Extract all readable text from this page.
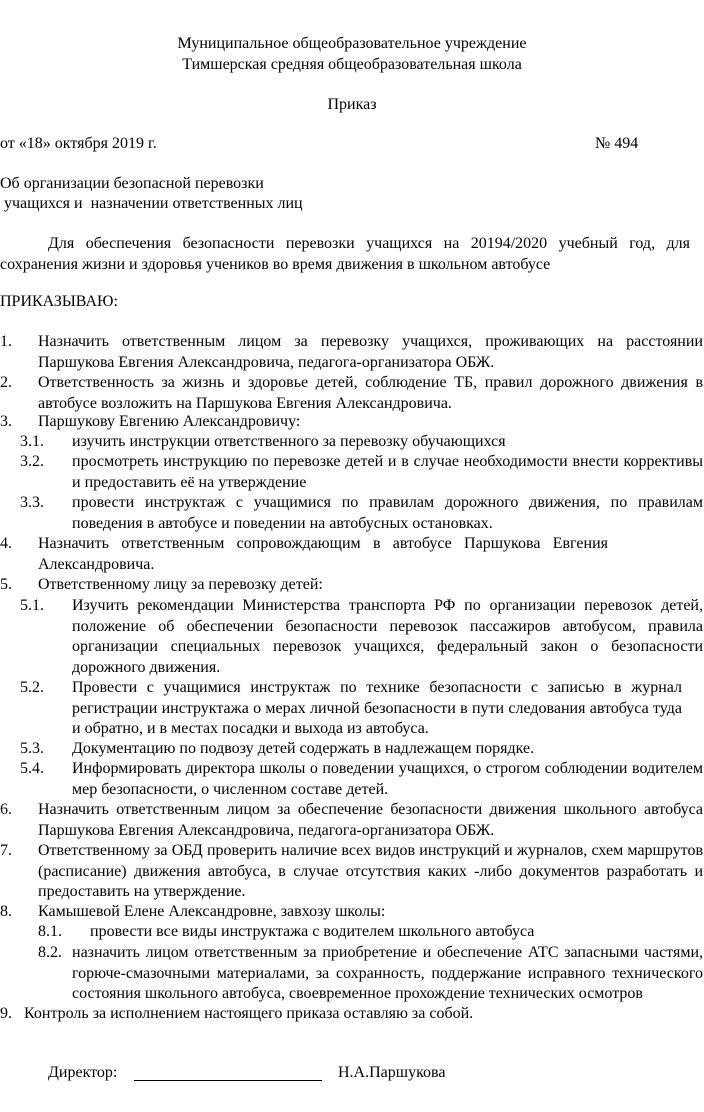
Муниципальное общеобразовательное учреждение
Тимшерская средняя общеобразовательная школа
Приказ
от «18» октября 2019 г.	№ 494
Об организации безопасной перевозки
учащихся и  назначении ответственных лиц
Для обеспечения безопасности перевозки учащихся на 20194/2020 учебный год, для сохранения жизни и здоровья учеников во время движения в школьном автобусе
ПРИКАЗЫВАЮ:
1. Назначить ответственным лицом за перевозку учащихся, проживающих на расстоянии Паршукова Евгения Александровича, педагога-организатора ОБЖ.
2. Ответственность за жизнь и здоровье детей, соблюдение ТБ, правил дорожного движения в автобусе возложить на Паршукова Евгения Александровича.
3. Паршукову Евгению Александровичу:
3.1. изучить инструкции ответственного за перевозку обучающихся
3.2. просмотреть инструкцию по перевозке детей и в случае необходимости внести коррективы и предоставить её на утверждение
3.3. провести инструктаж с учащимися по правилам дорожного движения, по правилам поведения в автобусе и поведении на автобусных остановках.
4. Назначить ответственным сопровождающим в автобусе Паршукова Евгения Александровича.
5. Ответственному лицу за перевозку детей:
5.1. Изучить рекомендации Министерства транспорта РФ по организации перевозок детей, положение об обеспечении безопасности перевозок пассажиров автобусом, правила организации специальных перевозок учащихся, федеральный закон о безопасности дорожного движения.
5.2. Провести с учащимися инструктаж по технике безопасности с записью в журнал регистрации инструктажа о мерах личной безопасности в пути следования автобуса туда и обратно, и в местах посадки и выхода из автобуса.
5.3. Документацию по подвозу детей содержать в надлежащем порядке.
5.4. Информировать директора школы о поведении учащихся, о строгом соблюдении водителем мер безопасности, о численном составе детей.
6. Назначить ответственным лицом за обеспечение безопасности движения школьного автобуса Паршукова Евгения Александровича, педагога-организатора ОБЖ.
7. Ответственному за ОБД проверить наличие всех видов инструкций и журналов, схем маршрутов (расписание) движения автобуса, в случае отсутствия каких -либо документов разработать и предоставить на утверждение.
8. Камышевой Елене Александровне, завхозу школы:
8.1. провести все виды инструктажа с водителем школьного автобуса
8.2. назначить лицом ответственным за приобретение и обеспечение АТС запасными частями, горюче-смазочными материалами, за сохранность, поддержание исправного технического состояния школьного автобуса, своевременное прохождение технических осмотров
9. Контроль за исполнением настоящего приказа оставляю за собой.
Директор:	Н.А.Паршукова
